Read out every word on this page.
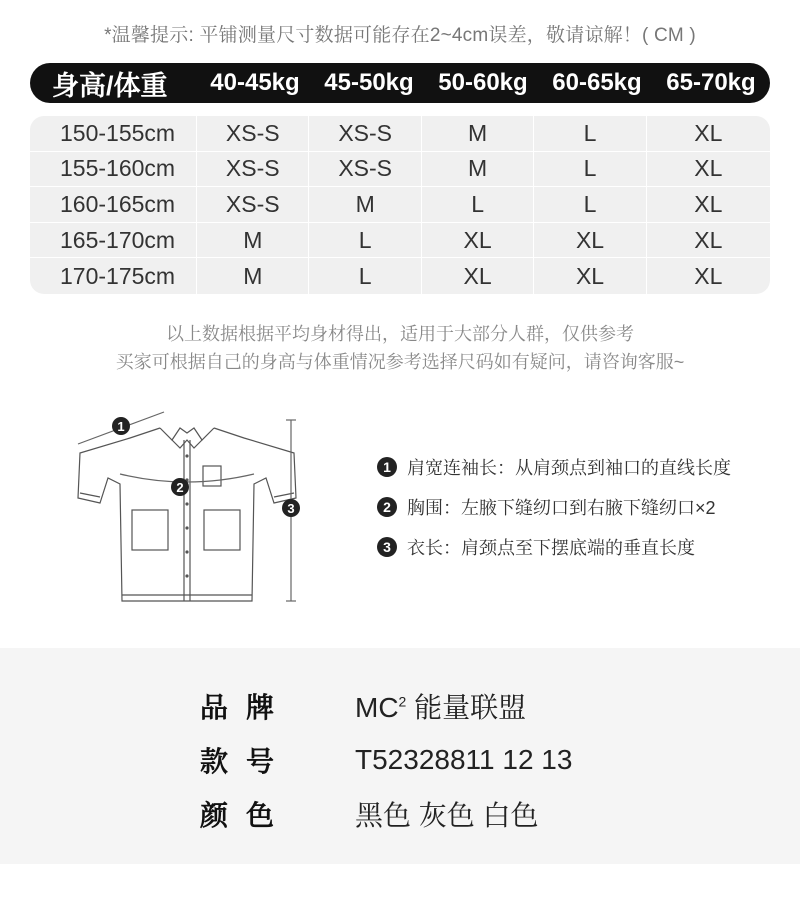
*温馨提示: 平铺测量尺寸数据可能存在2~4cm误差，敬请谅解！( CM )
身高/体重	40-45kg	45-50kg	50-60kg	60-65kg	65-70kg
150-155cm	XS-S	XS-S	M	L	XL
155-160cm	XS-S	XS-S	M	L	XL
160-165cm	XS-S	M	L	L	XL
165-170cm	M	L	XL	XL	XL
170-175cm	M	L	XL	XL	XL
以上数据根据平均身材得出，适用于大部分人群，仅供参考
买家可根据自己的身高与体重情况参考选择尺码如有疑问，请咨询客服~
1
2
3
1 肩宽连袖长：从肩颈点到袖口的直线长度
2 胸围：左腋下缝纫口到右腋下缝纫口×2
3 衣长：肩颈点至下摆底端的垂直长度
品牌	$MC^2$ 能量联盟
款号	T52328811 12 13
颜色	黑色 灰色 白色
